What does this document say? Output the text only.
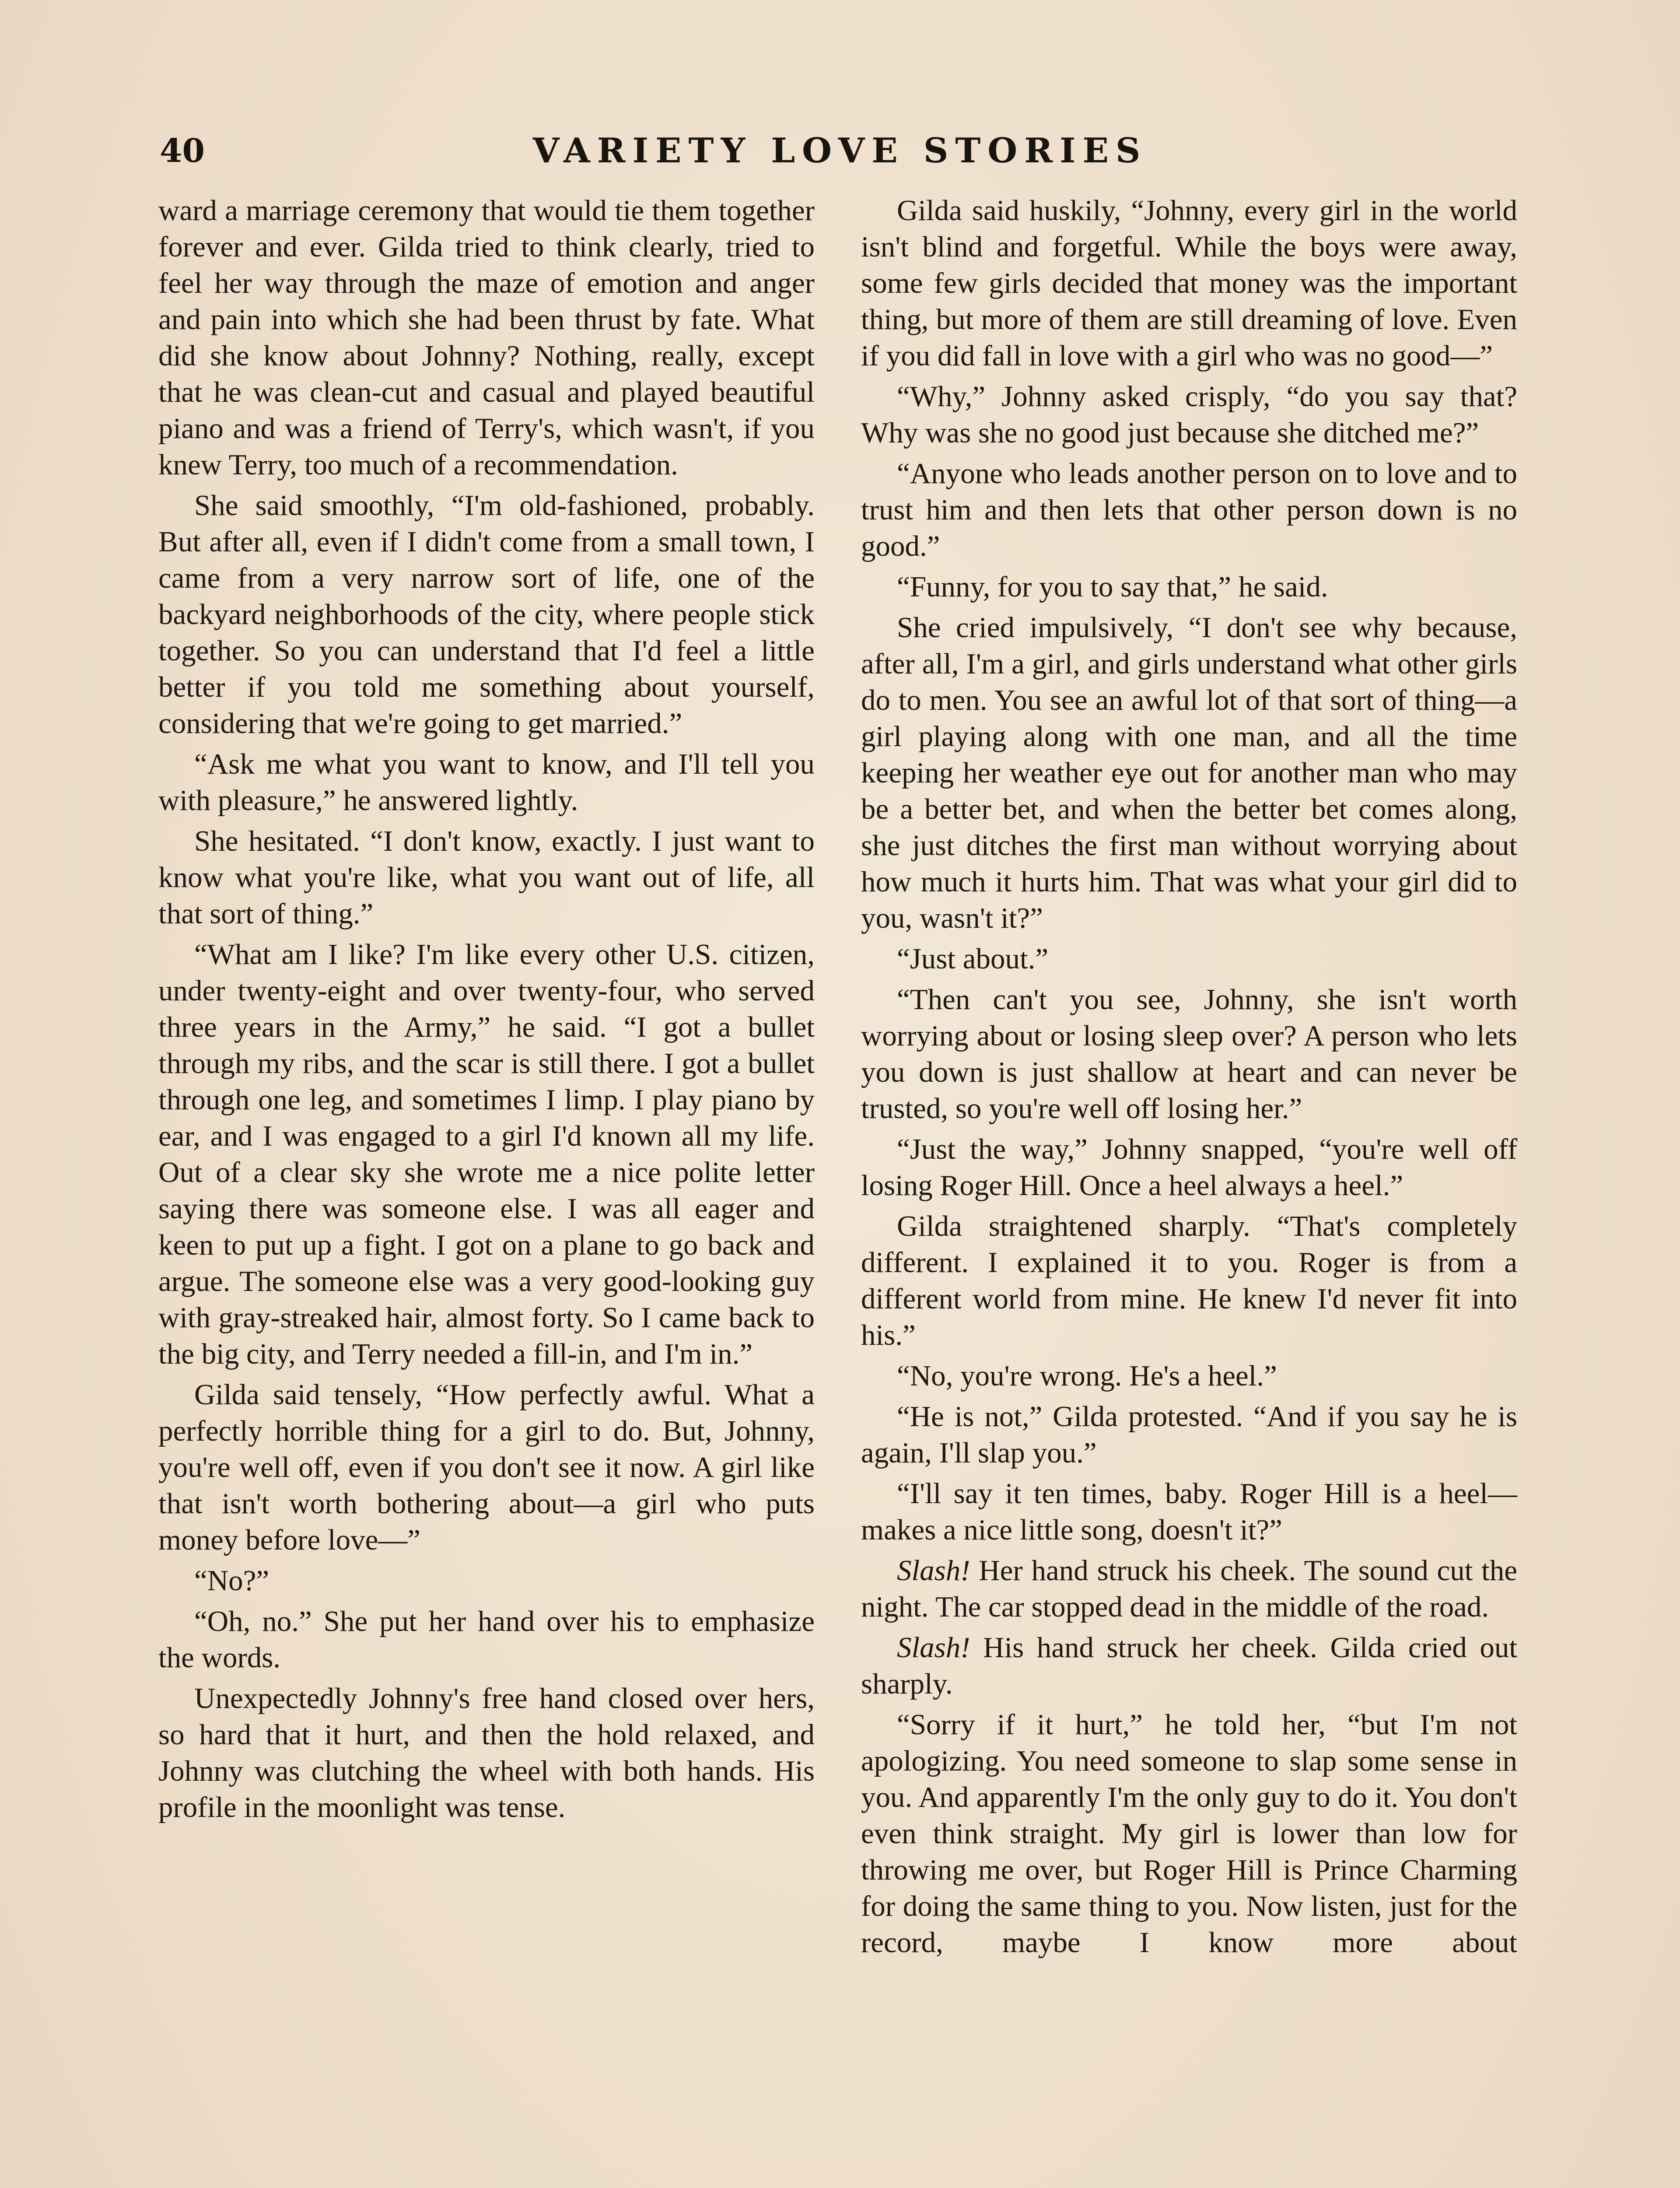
40	VARIETY LOVE STORIES

ward a marriage ceremony that would tie them together forever and ever. Gilda tried to think clearly, tried to feel her way through the maze of emotion and anger and pain into which she had been thrust by fate. What did she know about Johnny? Nothing, really, except that he was clean-cut and casual and played beautiful piano and was a friend of Terry's, which wasn't, if you knew Terry, too much of a recommendation.

She said smoothly, “I'm old-fashioned, probably. But after all, even if I didn't come from a small town, I came from a very narrow sort of life, one of the backyard neighborhoods of the city, where people stick together. So you can understand that I'd feel a little better if you told me something about yourself, considering that we're going to get married.”

“Ask me what you want to know, and I'll tell you with pleasure,” he answered lightly.

She hesitated. “I don't know, exactly. I just want to know what you're like, what you want out of life, all that sort of thing.”

“What am I like? I'm like every other U.S. citizen, under twenty-eight and over twenty-four, who served three years in the Army,” he said. “I got a bullet through my ribs, and the scar is still there. I got a bullet through one leg, and sometimes I limp. I play piano by ear, and I was engaged to a girl I'd known all my life. Out of a clear sky she wrote me a nice polite letter saying there was someone else. I was all eager and keen to put up a fight. I got on a plane to go back and argue. The someone else was a very good-looking guy with gray-streaked hair, almost forty. So I came back to the big city, and Terry needed a fill-in, and I'm in.”

Gilda said tensely, “How perfectly awful. What a perfectly horrible thing for a girl to do. But, Johnny, you're well off, even if you don't see it now. A girl like that isn't worth bothering about—a girl who puts money before love—”

“No?”

“Oh, no.” She put her hand over his to emphasize the words.

Unexpectedly Johnny's free hand closed over hers, so hard that it hurt, and then the hold relaxed, and Johnny was clutching the wheel with both hands. His profile in the moonlight was tense.

Gilda said huskily, “Johnny, every girl in the world isn't blind and forgetful. While the boys were away, some few girls decided that money was the important thing, but more of them are still dreaming of love. Even if you did fall in love with a girl who was no good—”

“Why,” Johnny asked crisply, “do you say that? Why was she no good just because she ditched me?”

“Anyone who leads another person on to love and to trust him and then lets that other person down is no good.”

“Funny, for you to say that,” he said.

She cried impulsively, “I don't see why because, after all, I'm a girl, and girls understand what other girls do to men. You see an awful lot of that sort of thing—a girl playing along with one man, and all the time keeping her weather eye out for another man who may be a better bet, and when the better bet comes along, she just ditches the first man without worrying about how much it hurts him. That was what your girl did to you, wasn't it?”

“Just about.”

“Then can't you see, Johnny, she isn't worth worrying about or losing sleep over? A person who lets you down is just shallow at heart and can never be trusted, so you're well off losing her.”

“Just the way,” Johnny snapped, “you're well off losing Roger Hill. Once a heel always a heel.”

Gilda straightened sharply. “That's completely different. I explained it to you. Roger is from a different world from mine. He knew I'd never fit into his.”

“No, you're wrong. He's a heel.”

“He is not,” Gilda protested. “And if you say he is again, I'll slap you.”

“I'll say it ten times, baby. Roger Hill is a heel—makes a nice little song, doesn't it?”

Slash! Her hand struck his cheek. The sound cut the night. The car stopped dead in the middle of the road.

Slash! His hand struck her cheek. Gilda cried out sharply.

“Sorry if it hurt,” he told her, “but I'm not apologizing. You need someone to slap some sense in you. And apparently I'm the only guy to do it. You don't even think straight. My girl is lower than low for throwing me over, but Roger Hill is Prince Charming for doing the same thing to you. Now listen, just for the record, maybe I know more about
